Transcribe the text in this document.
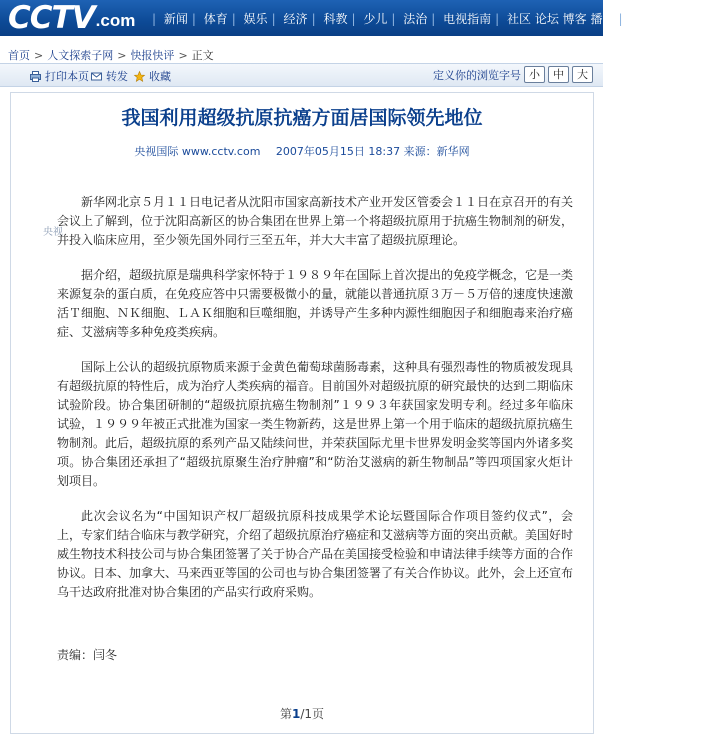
CCTV .com	| 新闻 | 体育 | 娱乐 | 经济 | 科教 | 少儿 | 法治 | 电视指南 | 社区 论坛 博客 播客 | 网络电视直播
首页 > 人文探索子网 > 快报快评 > 正文
打印本页 转发 收藏	定义你的浏览字号 小	中	大
我国利用超级抗原抗癌方面居国际领先地位
央视国际 www.cctv.com 2007年05月15日 18:37 来源：新华网
央视

新华网北京５月１１日电记者从沈阳市国家高新技术产业开发区管委会１１日在京召开的有关会议上了解到，位于沈阳高新区的协合集团在世界上第一个将超级抗原用于抗癌生物制剂的研发，并投入临床应用，至少领先国外同行三至五年，并大大丰富了超级抗原理论。

据介绍，超级抗原是瑞典科学家怀特于１９８９年在国际上首次提出的免疫学概念，它是一类来源复杂的蛋白质，在免疫应答中只需要极微小的量，就能以普通抗原３万－５万倍的速度快速激活Ｔ细胞、ＮＫ细胞、ＬＡＫ细胞和巨噬细胞，并诱导产生多种内源性细胞因子和细胞毒来治疗癌症、艾滋病等多种免疫类疾病。

国际上公认的超级抗原物质来源于金黄色葡萄球菌肠毒素，这种具有强烈毒性的物质被发现具有超级抗原的特性后，成为治疗人类疾病的福音。目前国外对超级抗原的研究最快的达到二期临床试验阶段。协合集团研制的“超级抗原抗癌生物制剂”１９９３年获国家发明专利。经过多年临床试验，１９９９年被正式批准为国家一类生物新药，这是世界上第一个用于临床的超级抗原抗癌生物制剂。此后，超级抗原的系列产品又陆续问世，并荣获国际尤里卡世界发明金奖等国内外诸多奖项。协合集团还承担了“超级抗原聚生治疗肿瘤”和“防治艾滋病的新生物制品”等四项国家火炬计划项目。

此次会议名为“中国知识产权厂超级抗原科技成果学术论坛暨国际合作项目签约仪式”，会上，专家们结合临床与教学研究，介绍了超级抗原治疗癌症和艾滋病等方面的突出贡献。美国好时威生物技术科技公司与协合集团签署了关于协合产品在美国接受检验和申请法律手续等方面的合作协议。日本、加拿大、马来西亚等国的公司也与协合集团签署了有关合作协议。此外，会上还宣布乌干达政府批准对协合集团的产品实行政府采购。

责编：闫冬
第1/1页
